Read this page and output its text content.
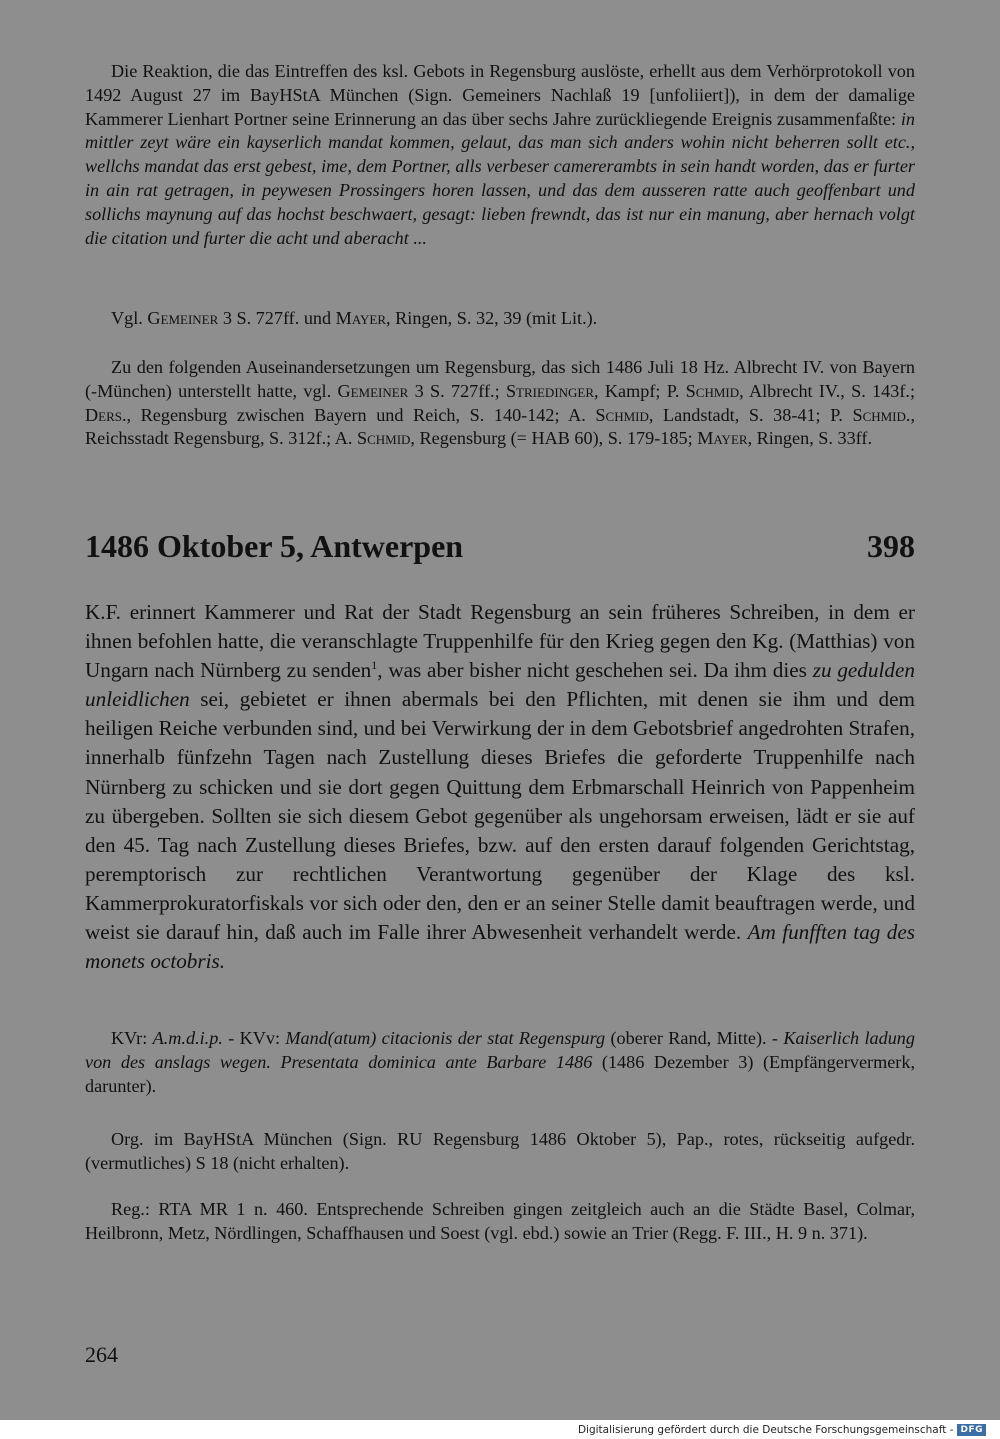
Die Reaktion, die das Eintreffen des ksl. Gebots in Regensburg auslöste, erhellt aus dem Verhörprotokoll von 1492 August 27 im BayHStA München (Sign. Gemeiners Nachlaß 19 [unfoliiert]), in dem der damalige Kammerer Lienhart Portner seine Erinnerung an das über sechs Jahre zurückliegende Ereignis zusammenfaßte: in mittler zeyt wäre ein kayserlich mandat kommen, gelaut, das man sich anders wohin nicht beherren sollt etc., wellchs mandat das erst gebest, ime, dem Portner, alls verbeser camererambts in sein handt worden, das er furter in ain rat getragen, in peywesen Prossingers horen lassen, und das dem ausseren ratte auch geoffenbart und sollichs maynung auf das hochst beschwaert, gesagt: lieben frewndt, das ist nur ein manung, aber hernach volgt die citation und furter die acht und aberacht ...

Vgl. Gemeiner 3 S. 727ff. und Mayer, Ringen, S. 32, 39 (mit Lit.).

Zu den folgenden Auseinandersetzungen um Regensburg, das sich 1486 Juli 18 Hz. Albrecht IV. von Bayern (-München) unterstellt hatte, vgl. Gemeiner 3 S. 727ff.; Striedinger, Kampf; P. Schmid, Albrecht IV., S. 143f.; Ders., Regensburg zwischen Bayern und Reich, S. 140-142; A. Schmid, Landstadt, S. 38-41; P. Schmid., Reichsstadt Regensburg, S. 312f.; A. Schmid, Regensburg (= HAB 60), S. 179-185; Mayer, Ringen, S. 33ff.

1486 Oktober 5, Antwerpen	398

K.F. erinnert Kammerer und Rat der Stadt Regensburg an sein früheres Schreiben, in dem er ihnen befohlen hatte, die veranschlagte Truppenhilfe für den Krieg gegen den Kg. (Matthias) von Ungarn nach Nürnberg zu senden$^1$, was aber bisher nicht geschehen sei. Da ihm dies zu gedulden unleidlichen sei, gebietet er ihnen abermals bei den Pflichten, mit denen sie ihm und dem heiligen Reiche verbunden sind, und bei Verwirkung der in dem Gebotsbrief angedrohten Strafen, innerhalb fünfzehn Tagen nach Zustellung dieses Briefes die geforderte Truppenhilfe nach Nürnberg zu schicken und sie dort gegen Quittung dem Erbmarschall Heinrich von Pappenheim zu übergeben. Sollten sie sich diesem Gebot gegenüber als ungehorsam erweisen, lädt er sie auf den 45. Tag nach Zustellung dieses Briefes, bzw. auf den ersten darauf folgenden Gerichtstag, peremptorisch zur rechtlichen Verantwortung gegenüber der Klage des ksl. Kammerprokuratorfiskals vor sich oder den, den er an seiner Stelle damit beauftragen werde, und weist sie darauf hin, daß auch im Falle ihrer Abwesenheit verhandelt werde. Am funfften tag des monets octobris.

KVr: A.m.d.i.p. - KVv: Mand(atum) citacionis der stat Regenspurg (oberer Rand, Mitte). - Kaiserlich ladung von des anslags wegen. Presentata dominica ante Barbare 1486 (1486 Dezember 3) (Empfängervermerk, darunter).

Org. im BayHStA München (Sign. RU Regensburg 1486 Oktober 5), Pap., rotes, rückseitig aufgedr. (vermutliches) S 18 (nicht erhalten).

Reg.: RTA MR 1 n. 460. Entsprechende Schreiben gingen zeitgleich auch an die Städte Basel, Colmar, Heilbronn, Metz, Nördlingen, Schaffhausen und Soest (vgl. ebd.) sowie an Trier (Regg. F. III., H. 9 n. 371).

264
Digitalisierung gefördert durch die Deutsche Forschungsgemeinschaft - DFG
